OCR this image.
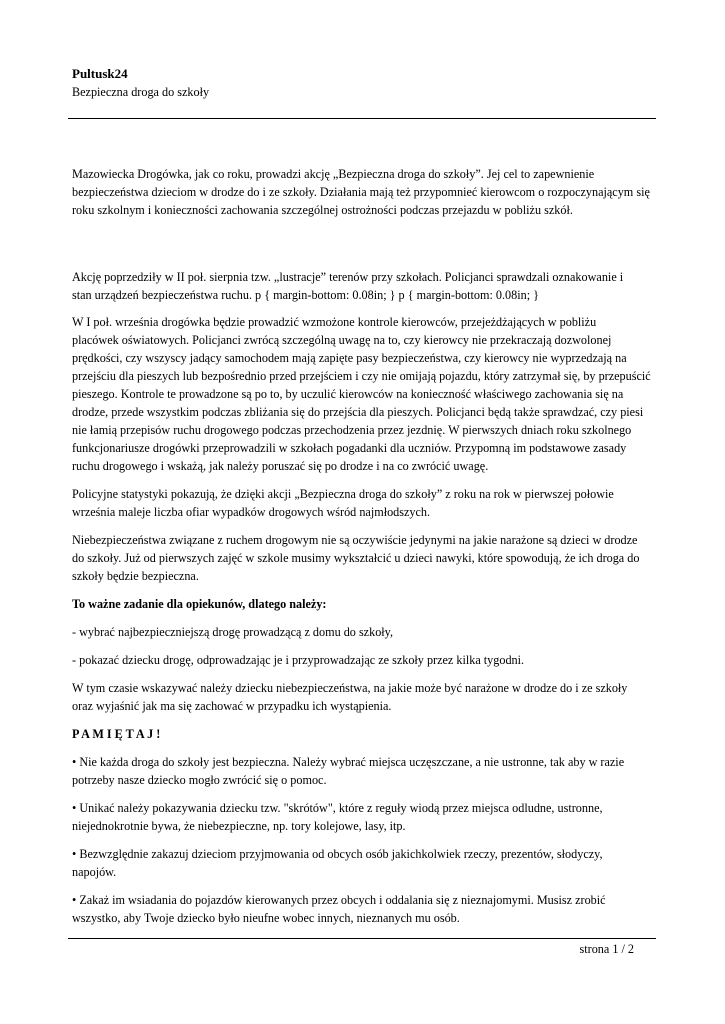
Pultusk24
Bezpieczna droga do szkoły

Mazowiecka Drogówka, jak co roku, prowadzi akcję „Bezpieczna droga do szkoły”. Jej cel to zapewnienie
bezpieczeństwa dzieciom w drodze do i ze szkoły. Działania mają też przypomnieć kierowcom o rozpoczynającym się
roku szkolnym i konieczności zachowania szczególnej ostrożności podczas przejazdu w pobliżu szkół.

Akcję poprzedziły w II poł. sierpnia tzw. „lustracje” terenów przy szkołach. Policjanci sprawdzali oznakowanie i
stan urządzeń bezpieczeństwa ruchu. p { margin-bottom: 0.08in; } p { margin-bottom: 0.08in; }

W I poł. września drogówka będzie prowadzić wzmożone kontrole kierowców, przejeżdżających w pobliżu
placówek oświatowych. Policjanci zwrócą szczególną uwagę na to, czy kierowcy nie przekraczają dozwolonej
prędkości, czy wszyscy jadący samochodem mają zapięte pasy bezpieczeństwa, czy kierowcy nie wyprzedzają na
przejściu dla pieszych lub bezpośrednio przed przejściem i czy nie omijają pojazdu, który zatrzymał się, by przepuścić
pieszego. Kontrole te prowadzone są po to, by uczulić kierowców na konieczność właściwego zachowania się na
drodze, przede wszystkim podczas zbliżania się do przejścia dla pieszych. Policjanci będą także sprawdzać, czy piesi
nie łamią przepisów ruchu drogowego podczas przechodzenia przez jezdnię. W pierwszych dniach roku szkolnego
funkcjonariusze drogówki przeprowadzili w szkołach pogadanki dla uczniów. Przypomną im podstawowe zasady
ruchu drogowego i wskażą, jak należy poruszać się po drodze i na co zwrócić uwagę.

Policyjne statystyki pokazują, że dzięki akcji „Bezpieczna droga do szkoły” z roku na rok w pierwszej połowie
września maleje liczba ofiar wypadków drogowych wśród najmłodszych.

Niebezpieczeństwa związane z ruchem drogowym nie są oczywiście jedynymi na jakie narażone są dzieci w drodze
do szkoły. Już od pierwszych zajęć w szkole musimy wykształcić u dzieci nawyki, które spowodują, że ich droga do
szkoły będzie bezpieczna.

To ważne zadanie dla opiekunów, dlatego należy:

- wybrać najbezpieczniejszą drogę prowadzącą z domu do szkoły,

- pokazać dziecku drogę, odprowadzając je i przyprowadzając ze szkoły przez kilka tygodni.

W tym czasie wskazywać należy dziecku niebezpieczeństwa, na jakie może być narażone w drodze do i ze szkoły
oraz wyjaśnić jak ma się zachować w przypadku ich wystąpienia.

P A M I Ę T A J !

• Nie każda droga do szkoły jest bezpieczna. Należy wybrać miejsca uczęszczane, a nie ustronne, tak aby w razie
potrzeby nasze dziecko mogło zwrócić się o pomoc.

• Unikać należy pokazywania dziecku tzw. "skrótów", które z reguły wiodą przez miejsca odludne, ustronne,
niejednokrotnie bywa, że niebezpieczne, np. tory kolejowe, lasy, itp.

• Bezwzględnie zakazuj dzieciom przyjmowania od obcych osób jakichkolwiek rzeczy, prezentów, słodyczy,
napojów.

• Zakaż im wsiadania do pojazdów kierowanych przez obcych i oddalania się z nieznajomymi. Musisz zrobić
wszystko, aby Twoje dziecko było nieufne wobec innych, nieznanych mu osób.

strona 1 / 2
